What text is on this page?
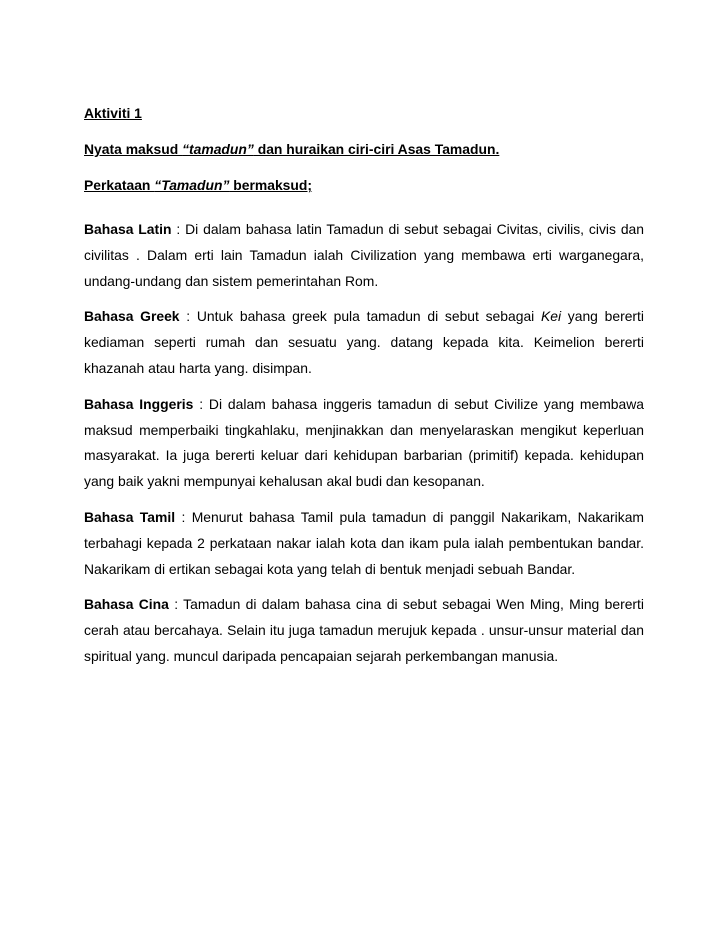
Aktiviti 1

Nyata maksud “tamadun” dan huraikan ciri-ciri Asas Tamadun.

Perkataan “Tamadun” bermaksud;

Bahasa Latin : Di dalam bahasa latin Tamadun di sebut sebagai Civitas, civilis, civis dan civilitas . Dalam erti lain Tamadun ialah Civilization yang membawa erti warganegara, undang-undang dan sistem pemerintahan Rom.

Bahasa Greek : Untuk bahasa greek pula tamadun di sebut sebagai Kei yang bererti kediaman seperti rumah dan sesuatu yang. datang kepada kita. Keimelion bererti khazanah atau harta yang. disimpan.

Bahasa Inggeris : Di dalam bahasa inggeris tamadun di sebut Civilize yang membawa maksud memperbaiki tingkahlaku, menjinakkan dan menyelaraskan mengikut keperluan masyarakat. Ia juga bererti keluar dari kehidupan barbarian (primitif) kepada. kehidupan yang baik yakni mempunyai kehalusan akal budi dan kesopanan.

Bahasa Tamil : Menurut bahasa Tamil pula tamadun di panggil Nakarikam, Nakarikam terbahagi kepada 2 perkataan nakar ialah kota dan ikam pula ialah pembentukan bandar. Nakarikam di ertikan sebagai kota yang telah di bentuk menjadi sebuah Bandar.

Bahasa Cina : Tamadun di dalam bahasa cina di sebut sebagai Wen Ming, Ming bererti cerah atau bercahaya. Selain itu juga tamadun merujuk kepada . unsur-unsur material dan spiritual yang. muncul daripada pencapaian sejarah perkembangan manusia.
